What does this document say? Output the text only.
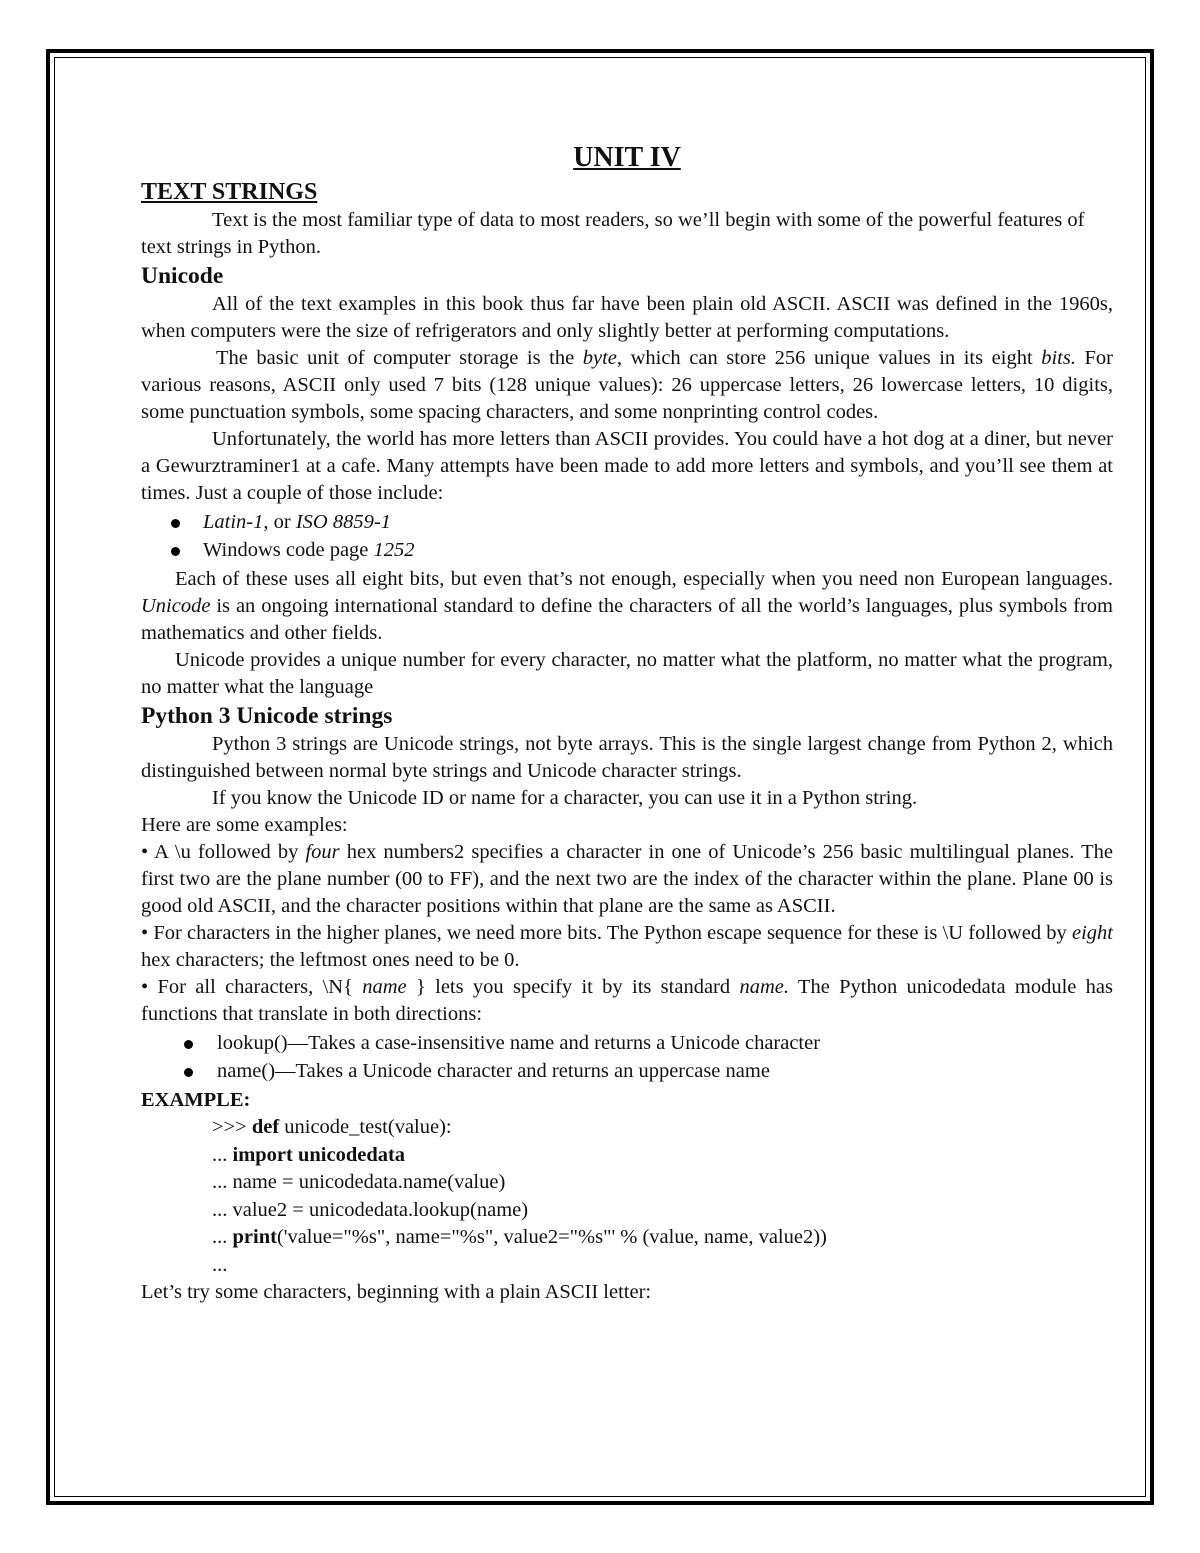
UNIT IV
TEXT STRINGS

Text is the most familiar type of data to most readers, so we’ll begin with some of the powerful features of text strings in Python.

Unicode

All of the text examples in this book thus far have been plain old ASCII. ASCII was defined in the 1960s, when computers were the size of refrigerators and only slightly better at performing computations.

The basic unit of computer storage is the byte, which can store 256 unique values in its eight bits. For various reasons, ASCII only used 7 bits (128 unique values): 26 uppercase letters, 26 lowercase letters, 10 digits, some punctuation symbols, some spacing characters, and some nonprinting control codes.

Unfortunately, the world has more letters than ASCII provides. You could have a hot dog at a diner, but never a Gewurztraminer1 at a cafe. Many attempts have been made to add more letters and symbols, and you’ll see them at times. Just a couple of those include:

Latin-1, or ISO 8859-1
Windows code page 1252

Each of these uses all eight bits, but even that’s not enough, especially when you need non European languages. Unicode is an ongoing international standard to define the characters of all the world’s languages, plus symbols from mathematics and other fields.

Unicode provides a unique number for every character, no matter what the platform, no matter what the program, no matter what the language

Python 3 Unicode strings

Python 3 strings are Unicode strings, not byte arrays. This is the single largest change from Python 2, which distinguished between normal byte strings and Unicode character strings.

If you know the Unicode ID or name for a character, you can use it in a Python string.

Here are some examples:

• A \u followed by four hex numbers2 specifies a character in one of Unicode’s 256 basic multilingual planes. The first two are the plane number (00 to FF), and the next two are the index of the character within the plane. Plane 00 is good old ASCII, and the character positions within that plane are the same as ASCII.

• For characters in the higher planes, we need more bits. The Python escape sequence for these is \U followed by eight hex characters; the leftmost ones need to be 0.

• For all characters, \N{ name } lets you specify it by its standard name. The Python unicodedata module has functions that translate in both directions:

lookup()—Takes a case-insensitive name and returns a Unicode character
name()—Takes a Unicode character and returns an uppercase name

EXAMPLE:

>>> def unicode_test(value):
... import unicodedata
... name = unicodedata.name(value)
... value2 = unicodedata.lookup(name)
... print('value="%s", name="%s", value2="%s"' % (value, name, value2))
...

Let’s try some characters, beginning with a plain ASCII letter:
